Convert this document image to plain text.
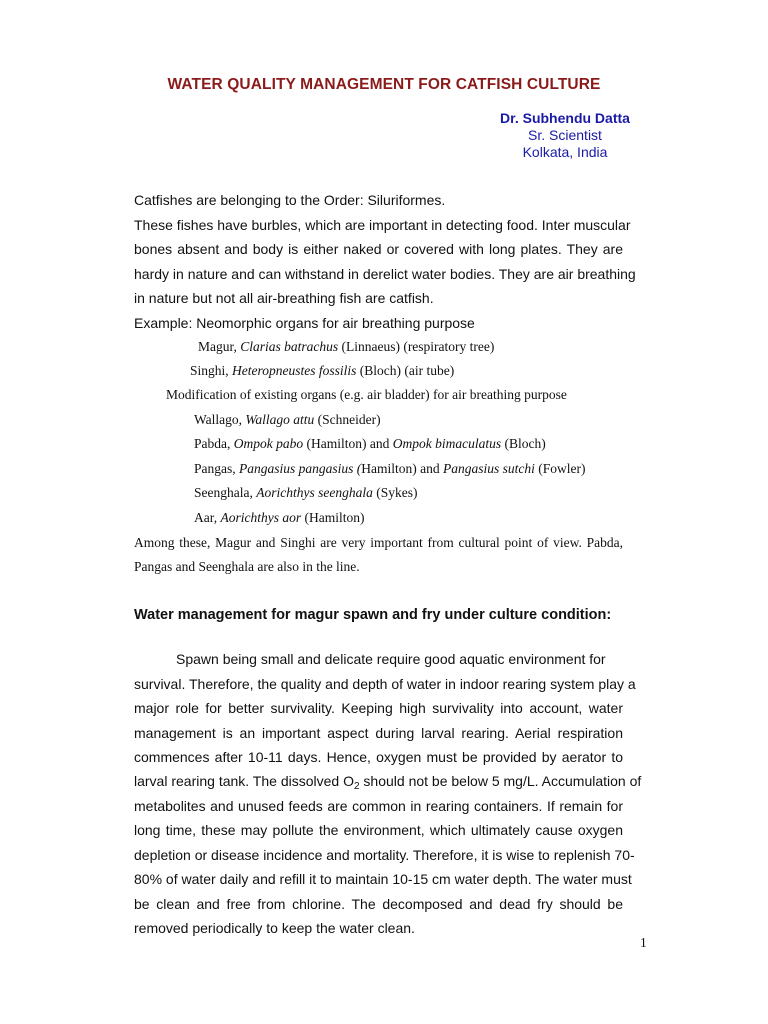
WATER QUALITY MANAGEMENT FOR CATFISH CULTURE
Dr. Subhendu Datta
Sr. Scientist
Kolkata, India
Catfishes are belonging to the Order: Siluriformes.
These fishes have burbles, which are important in detecting food. Inter muscular
bones absent and body is either naked or covered with long plates. They are
hardy in nature and can withstand in derelict water bodies. They are air breathing
in nature but not all air-breathing fish are catfish.
Example: Neomorphic organs for air breathing purpose
Magur, Clarias batrachus (Linnaeus) (respiratory tree)
Singhi, Heteropneustes fossilis (Bloch) (air tube)
Modification of existing organs (e.g. air bladder) for air breathing purpose
Wallago, Wallago attu (Schneider)
Pabda, Ompok pabo (Hamilton) and Ompok bimaculatus (Bloch)
Pangas, Pangasius pangasius (Hamilton) and Pangasius sutchi (Fowler)
Seenghala, Aorichthys seenghala (Sykes)
Aar, Aorichthys aor (Hamilton)
Among these, Magur and Singhi are very important from cultural point of view. Pabda,
Pangas and Seenghala are also in the line.
Water management for magur spawn and fry under culture condition:
Spawn being small and delicate require good aquatic environment for
survival. Therefore, the quality and depth of water in indoor rearing system play a
major role for better survivality. Keeping high survivality into account, water
management is an important aspect during larval rearing. Aerial respiration
commences after 10-11 days. Hence, oxygen must be provided by aerator to
larval rearing tank. The dissolved $O_2$ should not be below 5 mg/L. Accumulation of
metabolites and unused feeds are common in rearing containers. If remain for
long time, these may pollute the environment, which ultimately cause oxygen
depletion or disease incidence and mortality. Therefore, it is wise to replenish 70-
80% of water daily and refill it to maintain 10-15 cm water depth. The water must
be clean and free from chlorine. The decomposed and dead fry should be
removed periodically to keep the water clean.
1
